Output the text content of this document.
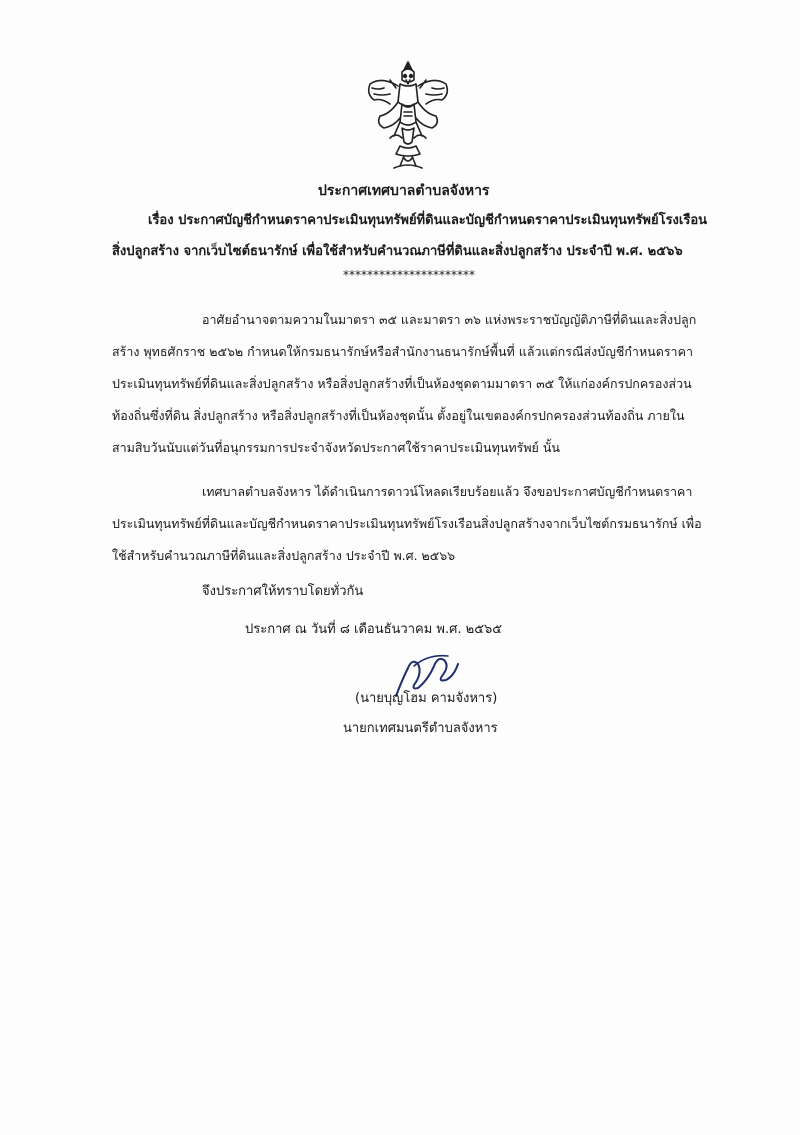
ประกาศเทศบาลตำบลจังหาร
เรื่อง ประกาศบัญชีกำหนดราคาประเมินทุนทรัพย์ที่ดินและบัญชีกำหนดราคาประเมินทุนทรัพย์โรงเรือน
สิ่งปลูกสร้าง จากเว็บไซต์ธนารักษ์ เพื่อใช้สำหรับคำนวณภาษีที่ดินและสิ่งปลูกสร้าง ประจำปี พ.ศ. ๒๕๖๖
**********************
อาศัยอำนาจตามความในมาตรา ๓๕ และมาตรา ๓๖ แห่งพระราชบัญญัติภาษีที่ดินและสิ่งปลูก
สร้าง พุทธศักราช ๒๕๖๒ กำหนดให้กรมธนารักษ์หรือสำนักงานธนารักษ์พื้นที่ แล้วแต่กรณีส่งบัญชีกำหนดราคา
ประเมินทุนทรัพย์ที่ดินและสิ่งปลูกสร้าง หรือสิ่งปลูกสร้างที่เป็นห้องชุดตามมาตรา ๓๕ ให้แก่องค์กรปกครองส่วน
ท้องถิ่นซึ่งที่ดิน สิ่งปลูกสร้าง หรือสิ่งปลูกสร้างที่เป็นห้องชุดนั้น ตั้งอยู่ในเขตองค์กรปกครองส่วนท้องถิ่น ภายใน
สามสิบวันนับแต่วันที่อนุกรรมการประจำจังหวัดประกาศใช้ราคาประเมินทุนทรัพย์ นั้น
เทศบาลตำบลจังหาร ได้ดำเนินการดาวน์โหลดเรียบร้อยแล้ว จึงขอประกาศบัญชีกำหนดราคา
ประเมินทุนทรัพย์ที่ดินและบัญชีกำหนดราคาประเมินทุนทรัพย์โรงเรือนสิ่งปลูกสร้างจากเว็บไซต์กรมธนารักษ์ เพื่อ
ใช้สำหรับคำนวณภาษีที่ดินและสิ่งปลูกสร้าง ประจำปี พ.ศ. ๒๕๖๖
จึงประกาศให้ทราบโดยทั่วกัน
ประกาศ ณ วันที่ ๘ เดือนธันวาคม พ.ศ. ๒๕๖๕
(นายบุญโฮม คามจังหาร)
นายกเทศมนตรีตำบลจังหาร
